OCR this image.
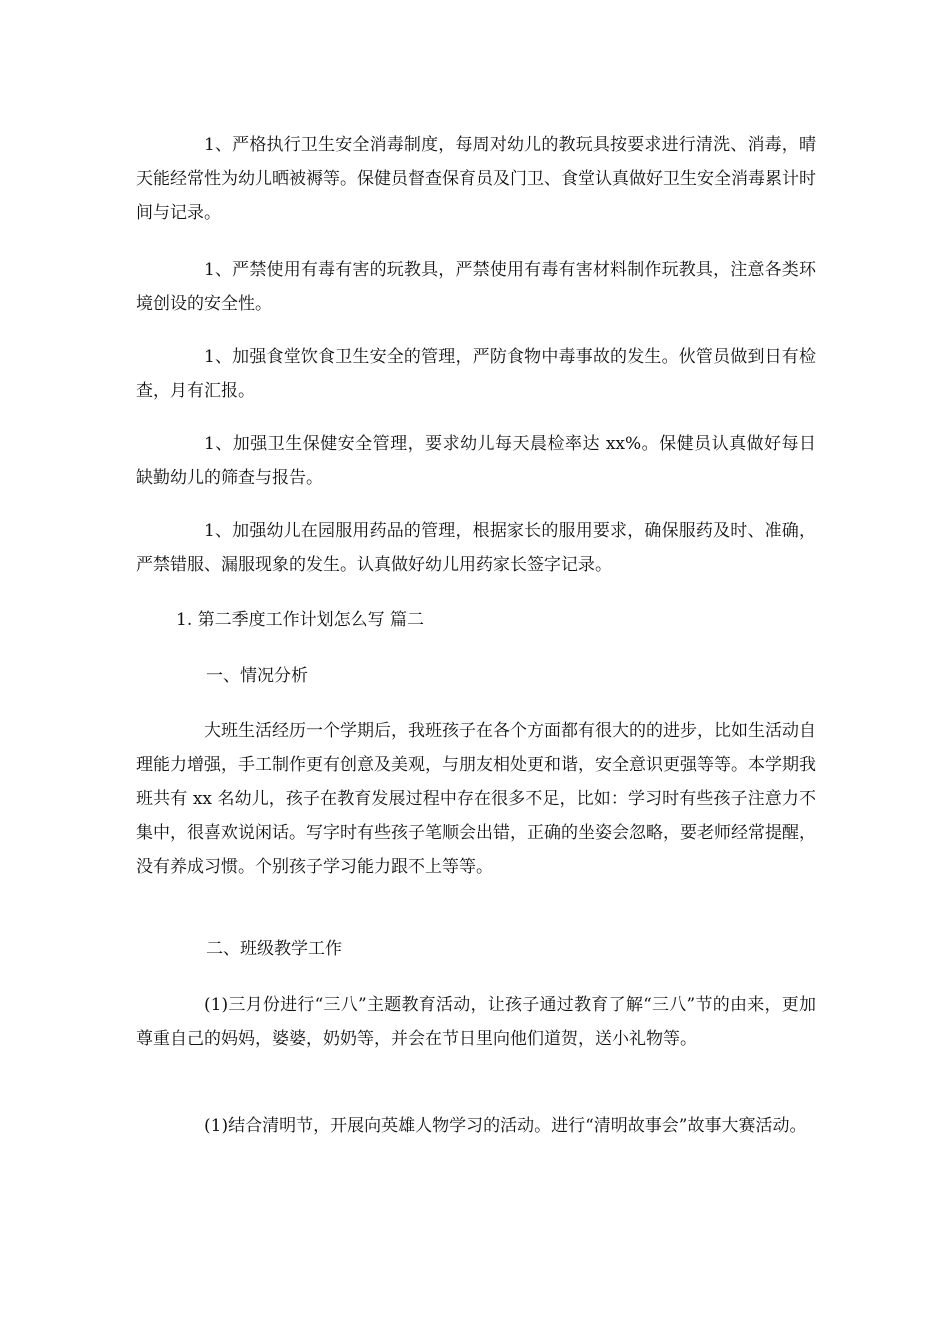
1、严格执行卫生安全消毒制度，每周对幼儿的教玩具按要求进行清洗、消毒，晴天能经常性为幼儿晒被褥等。保健员督查保育员及门卫、食堂认真做好卫生安全消毒累计时间与记录。

1、严禁使用有毒有害的玩教具，严禁使用有毒有害材料制作玩教具，注意各类环境创设的安全性。

1、加强食堂饮食卫生安全的管理，严防食物中毒事故的发生。伙管员做到日有检查，月有汇报。

1、加强卫生保健安全管理，要求幼儿每天晨检率达 xx%。保健员认真做好每日缺勤幼儿的筛查与报告。

1、加强幼儿在园服用药品的管理，根据家长的服用要求，确保服药及时、准确，严禁错服、漏服现象的发生。认真做好幼儿用药家长签字记录。

1. 第二季度工作计划怎么写 篇二

一、情况分析

大班生活经历一个学期后，我班孩子在各个方面都有很大的的进步，比如生活动自理能力增强，手工制作更有创意及美观，与朋友相处更和谐，安全意识更强等等。本学期我班共有 xx 名幼儿，孩子在教育发展过程中存在很多不足，比如：学习时有些孩子注意力不集中，很喜欢说闲话。写字时有些孩子笔顺会出错，正确的坐姿会忽略，要老师经常提醒，没有养成习惯。个别孩子学习能力跟不上等等。

二、班级教学工作

(1)三月份进行“三八”主题教育活动，让孩子通过教育了解“三八”节的由来，更加尊重自己的妈妈，婆婆，奶奶等，并会在节日里向他们道贺，送小礼物等。

(1)结合清明节，开展向英雄人物学习的活动。进行“清明故事会”故事大赛活动。
